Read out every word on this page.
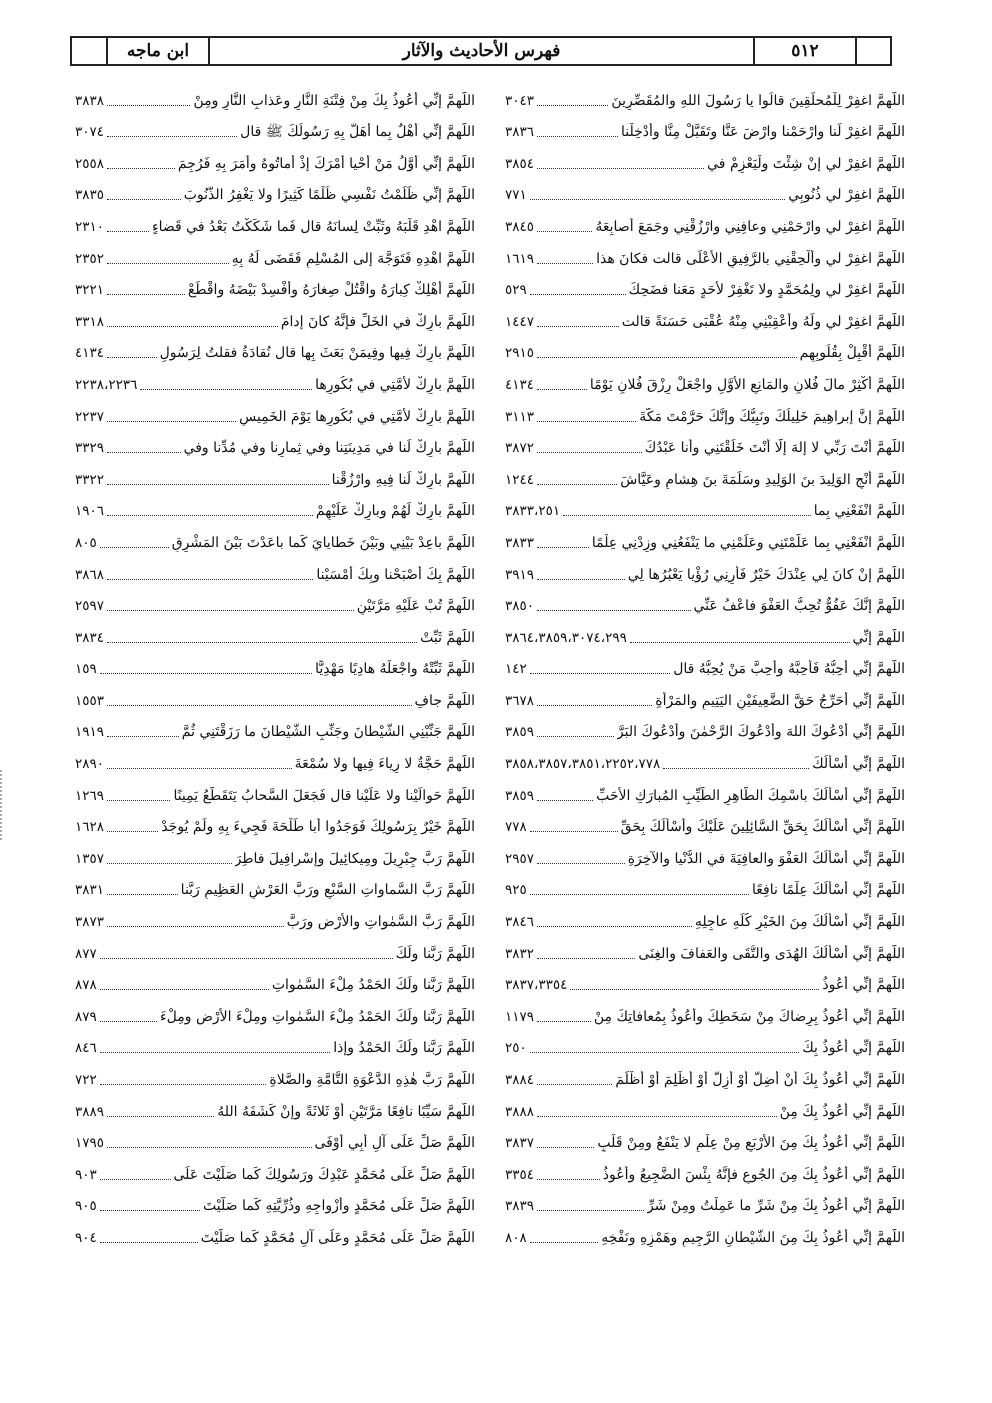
٥١٢
فهرس الأحاديث والآثار
ابن ماجه
اللَّهمَّ اغفِرْ لِلْمُحلِّقِينَ قالُوا يا رَسُولَ اللهِ والمُقَصِّرِينَ
٣٠٤٣
اللَّهمَّ اغفِرْ لَنا وارْحَمْنا وارْضَ عَنَّا وتَقَبَّلْ مِنَّا وأَدْخِلْنا
٣٨٣٦
اللَّهمَّ اغفِرْ لي إنْ شِئْتَ ولْيَعْزِمْ في
٣٨٥٤
اللَّهمَّ اغفِرْ لي ذُنُوبِي
٧٧١
اللَّهمَّ اغفِرْ لي وارْحَمْنِي وعافِنِي وارْزُقْنِي وجَمَعَ أَصابِعَهُ
٣٨٤٥
اللَّهمَّ اغفِرْ لي وأَلْحِقْنِي بالرَّفِيقِ الأَعْلَى قالت فكانَ هذا
١٦١٩
اللَّهمَّ اغفِرْ لي ولِمُحَمَّدٍ ولا تَغْفِرْ لأَحَدٍ مَعَنا فضَحِكَ
٥٢٩
اللَّهمَّ اغفِرْ لي ولَهُ وأَعْقِبْنِي مِنْهُ عُقْبَى حَسَنَةً قالت
١٤٤٧
اللَّهمَّ أَقْبِلْ بِقُلُوبِهِم
٢٩١٥
اللَّهمَّ أَكْثِرْ مالَ فُلانٍ والمَانِعِ الأَوَّلِ واجْعَلْ رِزْقَ فُلانٍ يَوْمًا
٤١٣٤
اللَّهمَّ إنَّ إبراهِيمَ خَلِيلُكَ ونَبِيُّكَ وإنَّكَ حَرَّمْتَ مَكَّةَ
٣١١٣
اللَّهمَّ أَنْتَ رَبِّي لا إلهَ إلَّا أَنْتَ خَلَقْتَنِي وأَنا عَبْدُكَ
٣٨٧٢
اللَّهمَّ أَنْجِ الوَلِيدَ بنَ الوَلِيدِ وسَلَمَةَ بنَ هِشامٍ وعَيَّاشَ
١٢٤٤
اللَّهمَّ انْفَعْنِي بِما
٣٨٣٣،٢٥١
اللَّهمَّ انْفَعْنِي بِما عَلَّمْتَنِي وعَلِّمْنِي ما يَنْفَعُنِي وزِدْنِي عِلْمًا
٣٨٣٣
اللَّهمَّ إنْ كانَ لِي عِنْدَكَ خَيْرٌ فَأَرِنِي رُؤْيا يَعْبُرُها لِي
٣٩١٩
اللَّهمَّ إنَّكَ عَفُوٌّ تُحِبُّ العَفْوَ فاعْفُ عَنِّي
٣٨٥٠
اللَّهمَّ إنِّي
٣٨٦٤،٣٨٥٩،٣٠٧٤،٢٩٩
اللَّهمَّ إنِّي أُحِبُّهُ فَأَحِبَّهُ وأَحِبَّ مَنْ يُحِبُّهُ قال
١٤٢
اللَّهمَّ إنِّي أُحَرِّجُ حَقَّ الضَّعِيفَيْنِ اليَتِيمِ والمَرْأَةِ
٣٦٧٨
اللَّهمَّ إنِّي أَدْعُوكَ اللهَ وأَدْعُوكَ الرَّحْمٰنَ وأَدْعُوكَ البَرَّ
٣٨٥٩
اللَّهمَّ إنِّي أَسْأَلُكَ
٣٨٥٨،٣٨٥٧،٣٨٥١،٢٢٥٢،٧٧٨
اللَّهمَّ إنِّي أَسْأَلُكَ باسْمِكَ الطَّاهِرِ الطَّيِّبِ المُبارَكِ الأَحَبِّ
٣٨٥٩
اللَّهمَّ إنِّي أَسْأَلُكَ بِحَقِّ السَّائِلِينَ عَلَيْكَ وأَسْأَلُكَ بِحَقِّ
٧٧٨
اللَّهمَّ إنِّي أَسْأَلُكَ العَفْوَ والعافِيَةَ في الدُّنْيا والآخِرَةِ
٢٩٥٧
اللَّهمَّ إنِّي أَسْأَلُكَ عِلْمًا نافِعًا
٩٢٥
اللَّهمَّ إنِّي أَسْأَلُكَ مِنَ الخَيْرِ كُلِّهِ عاجِلِهِ
٣٨٤٦
اللَّهمَّ إنِّي أَسْأَلُكَ الهُدَى والتُّقَى والعَفافَ والغِنَى
٣٨٣٢
اللَّهمَّ إنِّي أَعُوذُ
٣٨٣٧،٣٣٥٤
اللَّهمَّ إنِّي أَعُوذُ بِرِضاكَ مِنْ سَخَطِكَ وأَعُوذُ بِمُعافاتِكَ مِنْ
١١٧٩
اللَّهمَّ إنِّي أَعُوذُ بِكَ
٢٥٠
اللَّهمَّ إنِّي أَعُوذُ بِكَ أَنْ أَضِلَّ أَوْ أَزِلَّ أَوْ أَظْلِمَ أَوْ أُظْلَمَ
٣٨٨٤
اللَّهمَّ إنِّي أَعُوذُ بِكَ مِنْ
٣٨٨٨
اللَّهمَّ إنِّي أَعُوذُ بِكَ مِنَ الأَرْبَعِ مِنْ عِلْمٍ لا يَنْفَعُ ومِنْ قَلْبٍ
٣٨٣٧
اللَّهمَّ إنِّي أَعُوذُ بِكَ مِنَ الجُوعِ فإنَّهُ بِئْسَ الضَّجِيعُ وأَعُوذُ
٣٣٥٤
اللَّهمَّ إنِّي أَعُوذُ بِكَ مِنْ شَرِّ ما عَمِلْتُ ومِنْ شَرِّ
٣٨٣٩
اللَّهمَّ إنِّي أَعُوذُ بِكَ مِنَ الشَّيْطانِ الرَّجِيمِ وهَمْزِهِ ونَفْخِهِ
٨٠٨
اللَّهمَّ إنِّي أَعُوذُ بِكَ مِنْ فِتْنَةِ النَّارِ وعَذابِ النَّارِ ومِنْ
٣٨٣٨
اللَّهمَّ إنِّي أَهْلٌ بِما أَهَلَّ بِهِ رَسُولُكَ ﷺ قال
٣٠٧٤
اللَّهمَّ إنِّي أَوَّلُ مَنْ أَحْيا أَمْرَكَ إذْ أَماتُوهُ وأَمَرَ بِهِ فَرُجِمَ
٢٥٥٨
اللَّهمَّ إنِّي ظَلَمْتُ نَفْسِي ظُلْمًا كَثِيرًا ولا يَغْفِرُ الذُّنُوبَ
٣٨٣٥
اللَّهمَّ اهْدِ قَلْبَهُ وثَبِّتْ لِسانَهُ قال فَما شَكَكْتُ بَعْدُ في قَضاءٍ
٢٣١٠
اللَّهمَّ اهْدِهِ فَتَوَجَّهَ إلى المُسْلِمِ فَقَضَى لَهُ بِهِ
٢٣٥٢
اللَّهمَّ أَهْلِكْ كِبارَهُ واقْتُلْ صِغارَهُ وأَفْسِدْ بَيْضَهُ واقْطَعْ
٣٢٢١
اللَّهمَّ بارِكْ في الخَلِّ فإنَّهُ كانَ إدامَ
٣٣١٨
اللَّهمَّ بارِكْ فِيها وفِيمَنْ بَعَثَ بِها قال نُقادَةُ فقلتُ لِرَسُولِ
٤١٣٤
اللَّهمَّ بارِكْ لأُمَّتِي في بُكُورِها
٢٢٣٨،٢٢٣٦
اللَّهمَّ بارِكْ لأُمَّتِي في بُكُورِها يَوْمَ الخَمِيسِ
٢٢٣٧
اللَّهمَّ بارِكْ لَنا في مَدِينَتِنا وفي ثِمارِنا وفي مُدِّنا وفي
٣٣٢٩
اللَّهمَّ بارِكْ لَنا فِيهِ وارْزُقْنا
٣٣٢٢
اللَّهمَّ بارِكْ لَهُمْ وبارِكْ عَلَيْهِمْ
١٩٠٦
اللَّهمَّ باعِدْ بَيْنِي وبَيْنَ خَطايايَ كَما باعَدْتَ بَيْنَ المَشْرِقِ
٨٠٥
اللَّهمَّ بِكَ أَصْبَحْنا وبِكَ أَمْسَيْنا
٣٨٦٨
اللَّهمَّ تُبْ عَلَيْهِ مَرَّتَيْنِ
٢٥٩٧
اللَّهمَّ ثَبِّتْ
٣٨٣٤
اللَّهمَّ ثَبِّتْهُ واجْعَلْهُ هادِيًا مَهْدِيًّا
١٥٩
اللَّهمَّ جافِ
١٥٥٣
اللَّهمَّ جَنِّبْنِي الشَّيْطانَ وجَنِّبِ الشَّيْطانَ ما رَزَقْتَنِي ثُمَّ
١٩١٩
اللَّهمَّ حَجَّةٌ لا رِياءَ فِيها ولا سُمْعَةَ
٢٨٩٠
اللَّهمَّ حَوالَيْنا ولا عَلَيْنا قال فَجَعَلَ السَّحابُ يَتَقَطَّعُ يَمِينًا
١٢٦٩
اللَّهمَّ خَيْرٌ بِرَسُولِكَ فَوَجَدُوا أَبا طَلْحَةَ فَجِيءَ بِهِ ولَمْ يُوجَدْ
١٦٢٨
اللَّهمَّ رَبَّ جِبْرِيلَ ومِيكائِيلَ وإسْرافِيلَ فاطِرَ
١٣٥٧
اللَّهمَّ رَبَّ السَّماواتِ السَّبْعِ ورَبَّ العَرْشِ العَظِيمِ رَبَّنا
٣٨٣١
اللَّهمَّ رَبَّ السَّمٰواتِ والأَرْضِ ورَبَّ
٣٨٧٣
اللَّهمَّ رَبَّنا ولَكَ
٨٧٧
اللَّهمَّ رَبَّنا ولَكَ الحَمْدُ مِلْءَ السَّمٰواتِ
٨٧٨
اللَّهمَّ رَبَّنا ولَكَ الحَمْدُ مِلْءَ السَّمٰواتِ ومِلْءَ الأَرْضِ ومِلْءَ
٨٧٩
اللَّهمَّ رَبَّنا ولَكَ الحَمْدُ وإذا
٨٤٦
اللَّهمَّ رَبَّ هٰذِهِ الدَّعْوَةِ التَّامَّةِ والصَّلاةِ
٧٢٢
اللَّهمَّ سَيِّبًا نافِعًا مَرَّتَيْنِ أَوْ ثَلاثَةً وإنْ كَشَفَهُ اللهُ
٣٨٨٩
اللَّهمَّ صَلِّ عَلَى آلِ أَبِي أَوْفَى
١٧٩٥
اللَّهمَّ صَلِّ عَلَى مُحَمَّدٍ عَبْدِكَ ورَسُولِكَ كَما صَلَّيْتَ عَلَى
٩٠٣
اللَّهمَّ صَلِّ عَلَى مُحَمَّدٍ وأَزْواجِهِ وذُرِّيَّتِهِ كَما صَلَّيْتَ
٩٠٥
اللَّهمَّ صَلِّ عَلَى مُحَمَّدٍ وعَلَى آلِ مُحَمَّدٍ كَما صَلَّيْتَ
٩٠٤
